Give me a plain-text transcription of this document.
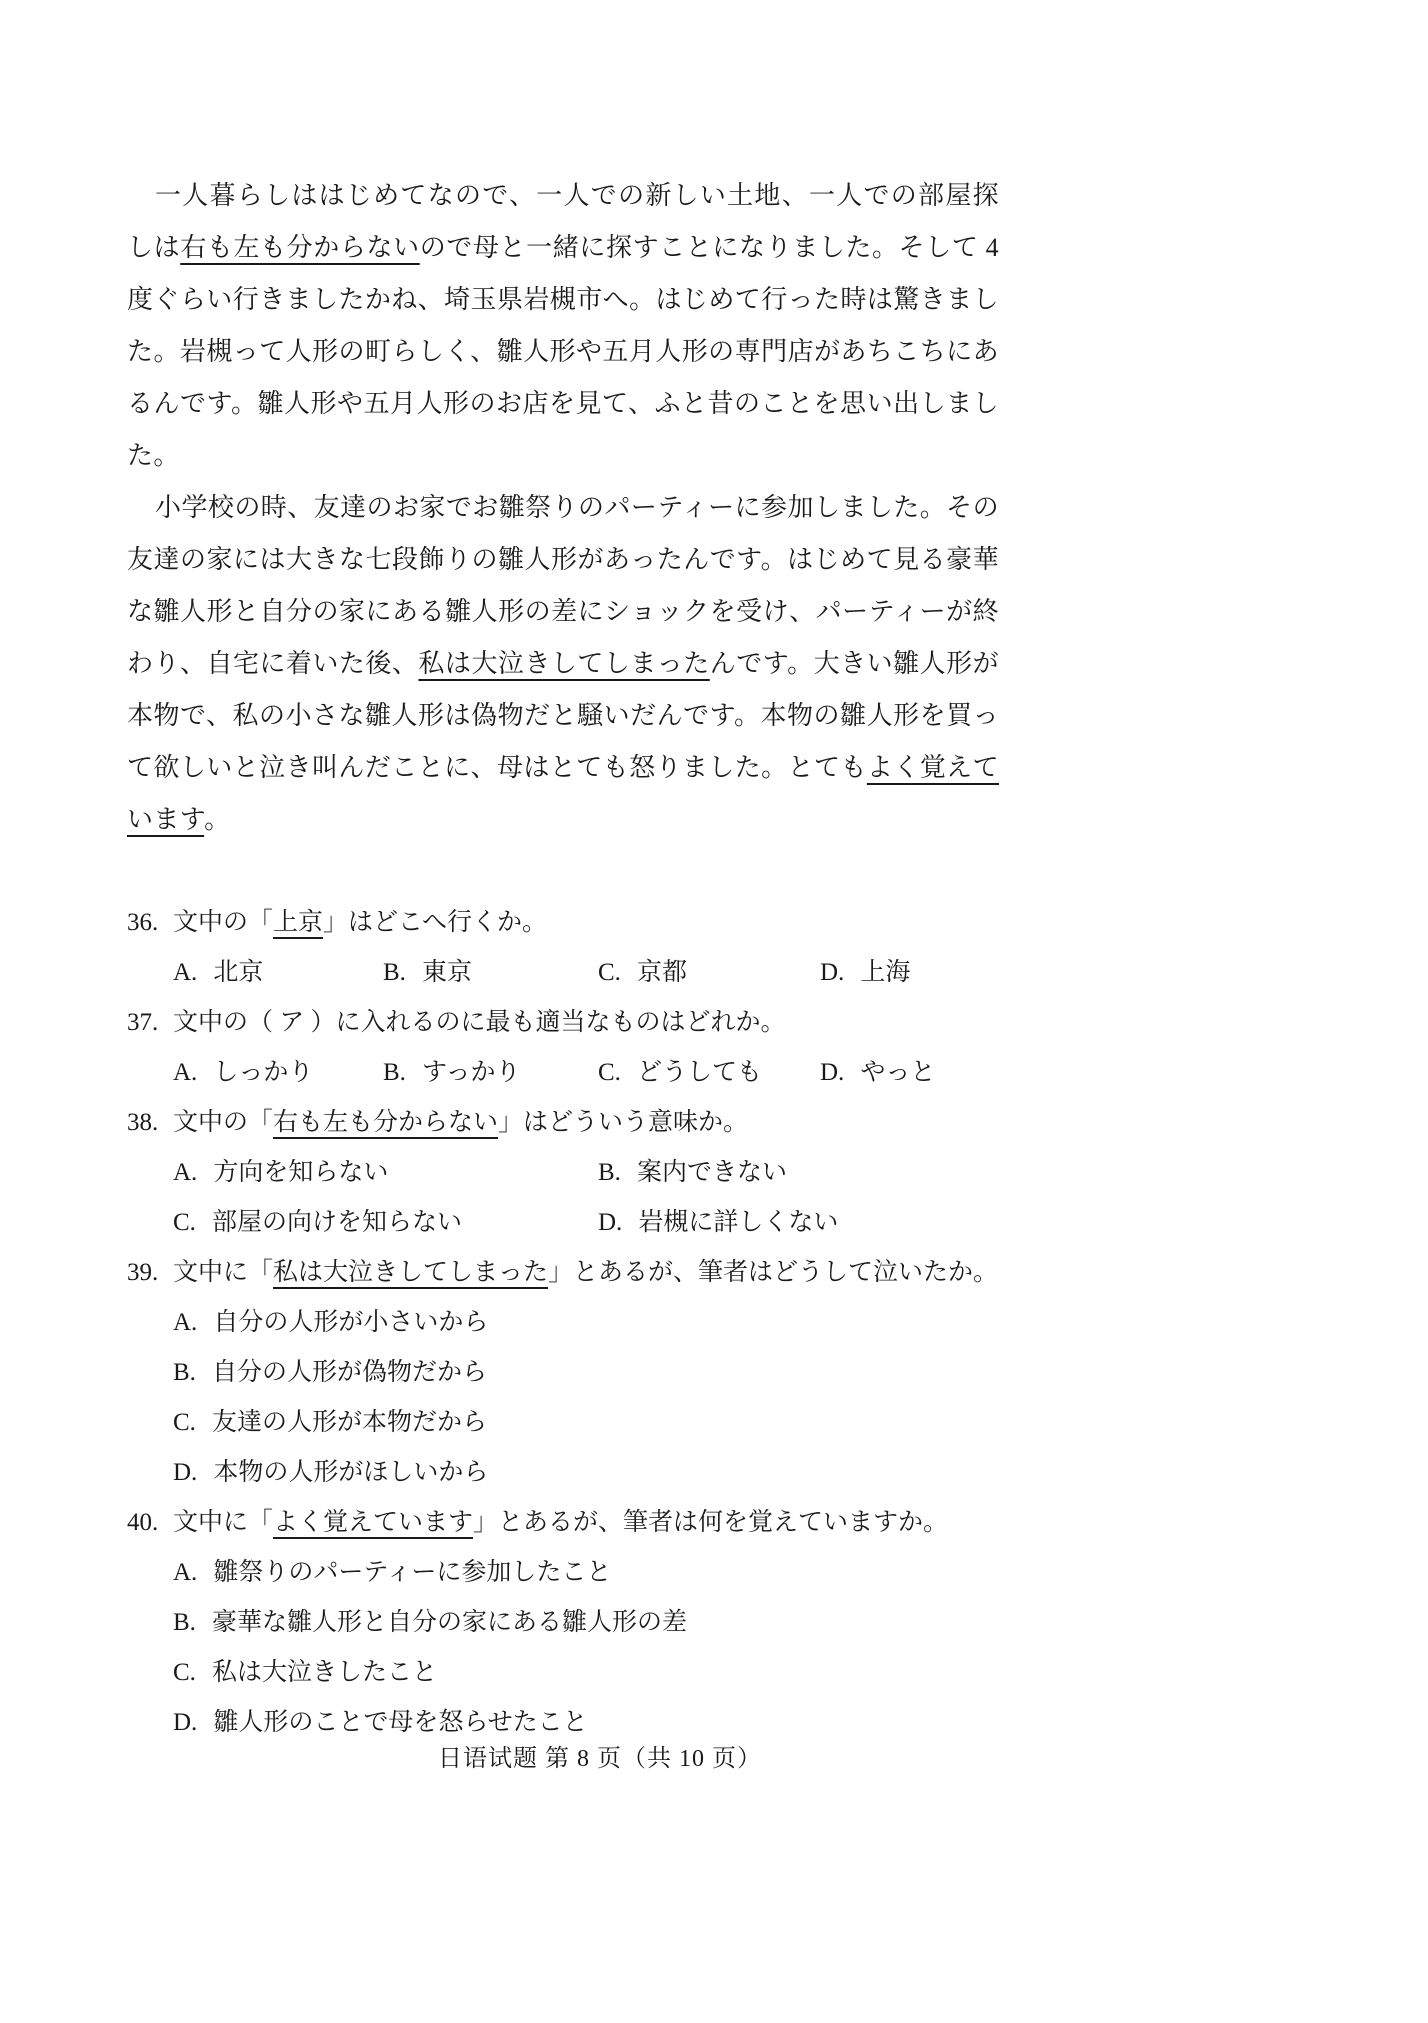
一人暮らしははじめてなので、一人での新しい土地、一人での部屋探しは右も左も分からないので母と一緒に探すことになりました。そして 4 度ぐらい行きましたかね、埼玉県岩槻市へ。はじめて行った時は驚きました。岩槻って人形の町らしく、雛人形や五月人形の専門店があちこちにあるんです。雛人形や五月人形のお店を見て、ふと昔のことを思い出しました。

小学校の時、友達のお家でお雛祭りのパーティーに参加しました。その友達の家には大きな七段飾りの雛人形があったんです。はじめて見る豪華な雛人形と自分の家にある雛人形の差にショックを受け、パーティーが終わり、自宅に着いた後、私は大泣きしてしまったんです。大きい雛人形が本物で、私の小さな雛人形は偽物だと騒いだんです。本物の雛人形を買って欲しいと泣き叫んだことに、母はとても怒りました。とてもよく覚えています。

36. 文中の「上京」はどこへ行くか。
A. 北京	B. 東京	C. 京都	D. 上海
37. 文中の（ ア ）に入れるのに最も適当なものはどれか。
A. しっかり	B. すっかり	C. どうしても	D. やっと
38. 文中の「右も左も分からない」はどういう意味か。
A. 方向を知らない	B. 案内できない
C. 部屋の向けを知らない	D. 岩槻に詳しくない
39. 文中に「私は大泣きしてしまった」とあるが、筆者はどうして泣いたか。
A. 自分の人形が小さいから
B. 自分の人形が偽物だから
C. 友達の人形が本物だから
D. 本物の人形がほしいから
40. 文中に「よく覚えています」とあるが、筆者は何を覚えていますか。
A. 雛祭りのパーティーに参加したこと
B. 豪華な雛人形と自分の家にある雛人形の差
C. 私は大泣きしたこと
D. 雛人形のことで母を怒らせたこと
日语试题 第 8 页（共 10 页）
